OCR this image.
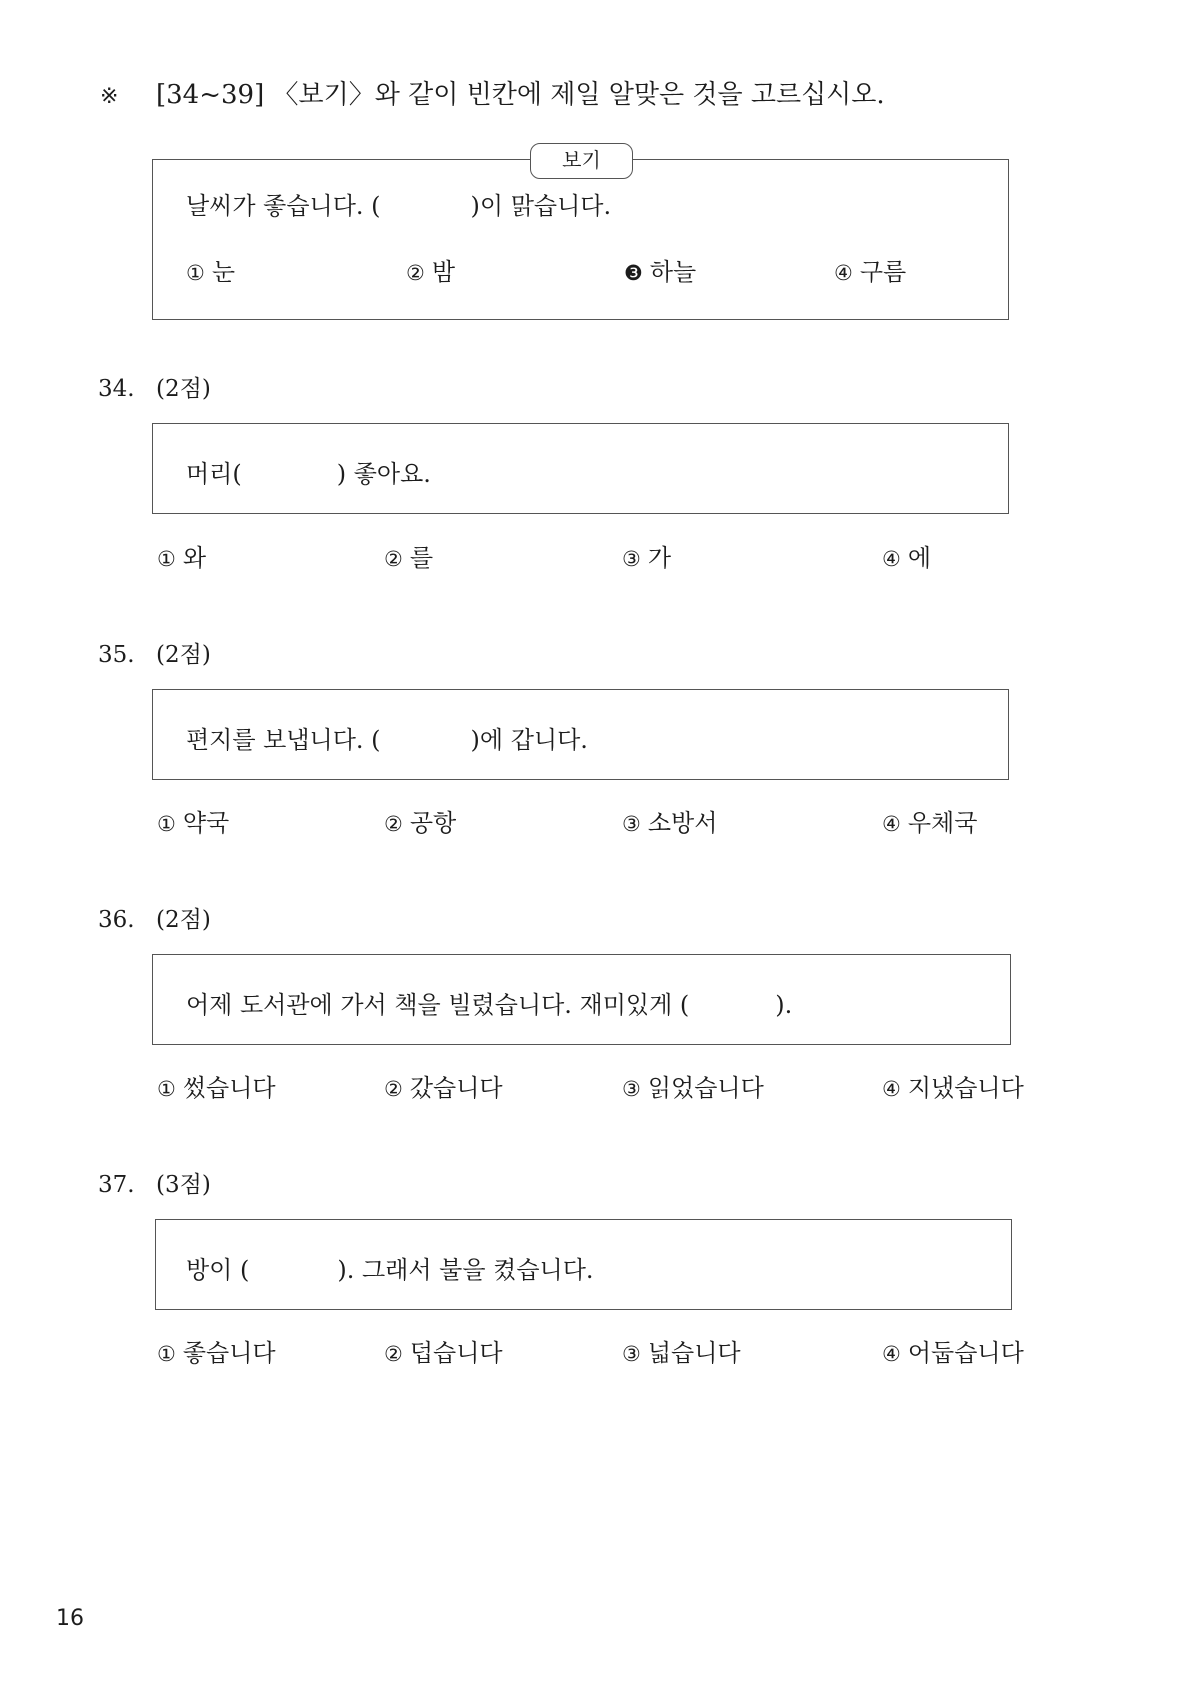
※ [34~39] 〈보기〉와 같이 빈칸에 제일 알맞은 것을 고르십시오.
보기
날씨가 좋습니다. (	)이 맑습니다.
① 눈	② 밤	❸ 하늘	④ 구름
34. (2점)
머리(	) 좋아요.
① 와	② 를	③ 가	④ 에
35. (2점)
편지를 보냅니다. (	)에 갑니다.
① 약국	② 공항	③ 소방서	④ 우체국
36. (2점)
어제 도서관에 가서 책을 빌렸습니다. 재미있게 (	).
① 썼습니다	② 갔습니다	③ 읽었습니다	④ 지냈습니다
37. (3점)
방이 (	). 그래서 불을 켰습니다.
① 좋습니다	② 덥습니다	③ 넓습니다	④ 어둡습니다
16
